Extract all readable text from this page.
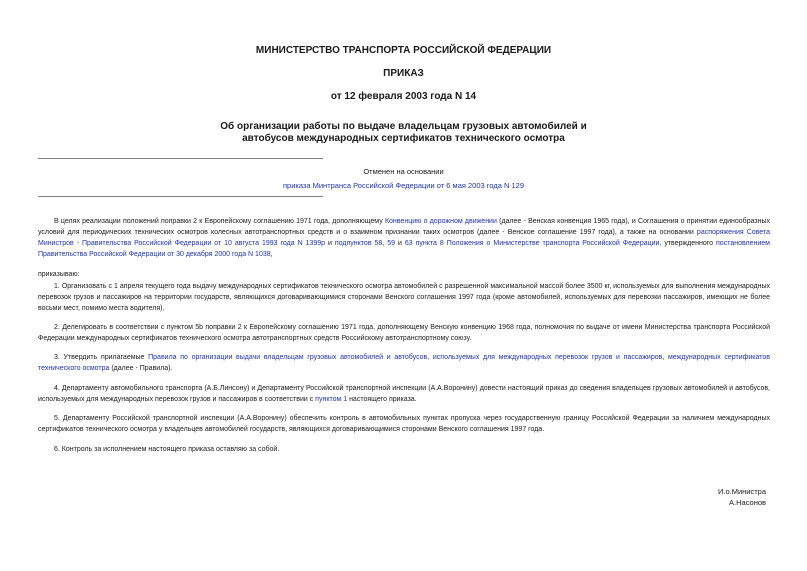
МИНИСТЕРСТВО ТРАНСПОРТА РОССИЙСКОЙ ФЕДЕРАЦИИ
ПРИКАЗ
от 12 февраля 2003 года N 14
Об организации работы по выдаче владельцам грузовых автомобилей и
автобусов международных сертификатов технического осмотра
Отменен на основании
приказа Минтранса Российской Федерации от 6 мая 2003 года N 129
В целях реализации положений поправки 2 к Европейскому соглашению 1971 года, дополняющему Конвенцию о дорожном движении (далее - Венская конвенция 1965 года), и Соглашения о принятии единообразных условий для периодических технических осмотров колесных автотранспортных средств и о взаимном признании таких осмотров (далее - Венское соглашение 1997 года), а также на основании распоряжения Совета Министров - Правительства Российской Федерации от 10 августа 1993 года N 1399р и подпунктов 58, 59 и 63 пункта 8 Положения о Министерстве транспорта Российской Федерации, утвержденного постановлением Правительства Российской Федерации от 30 декабря 2000 года N 1038,
приказываю:
1. Организовать с 1 апреля текущего года выдачу международных сертификатов технического осмотра автомобилей с разрешенной максимальной массой более 3500 кг, используемых для выполнения международных перевозок грузов и пассажиров на территории государств, являющихся договаривающимися сторонами Венского соглашения 1997 года (кроме автомобилей, используемых для перевозки пассажиров, имеющих не более восьми мест, помимо места водителя).
2. Делегировать в соответствии с пунктом 5b поправки 2 к Европейскому соглашению 1971 года, дополняющему Венскую конвенцию 1968 года, полномочия по выдаче от имени Министерства транспорта Российской Федерации международных сертификатов технического осмотра автотранспортных средств Российскому автотранспортному союзу.
3. Утвердить прилагаемые Правила по организации выдачи владельцам грузовых автомобилей и автобусов, используемых для международных перевозок грузов и пассажиров, международных сертификатов технического осмотра (далее - Правила).
4. Департаменту автомобильного транспорта (А.Б.Линсону) и Департаменту Российской транспортной инспекции (А.А.Воронину) довести настоящий приказ до сведения владельцев грузовых автомобилей и автобусов, используемых для международных перевозок грузов и пассажиров в соответствии с пунктом 1 настоящего приказа.
5. Департаменту Российской транспортной инспекции (А.А.Воронину) обеспечить контроль в автомобильных пунктах пропуска через государственную границу Российской Федерации за наличием международных сертификатов технического осмотра у владельцев автомобилей государств, являющихся договаривающимися сторонами Венского соглашения 1997 года.
6. Контроль за исполнением настоящего приказа оставляю за собой.
И.о.Министра
А.Насонов
